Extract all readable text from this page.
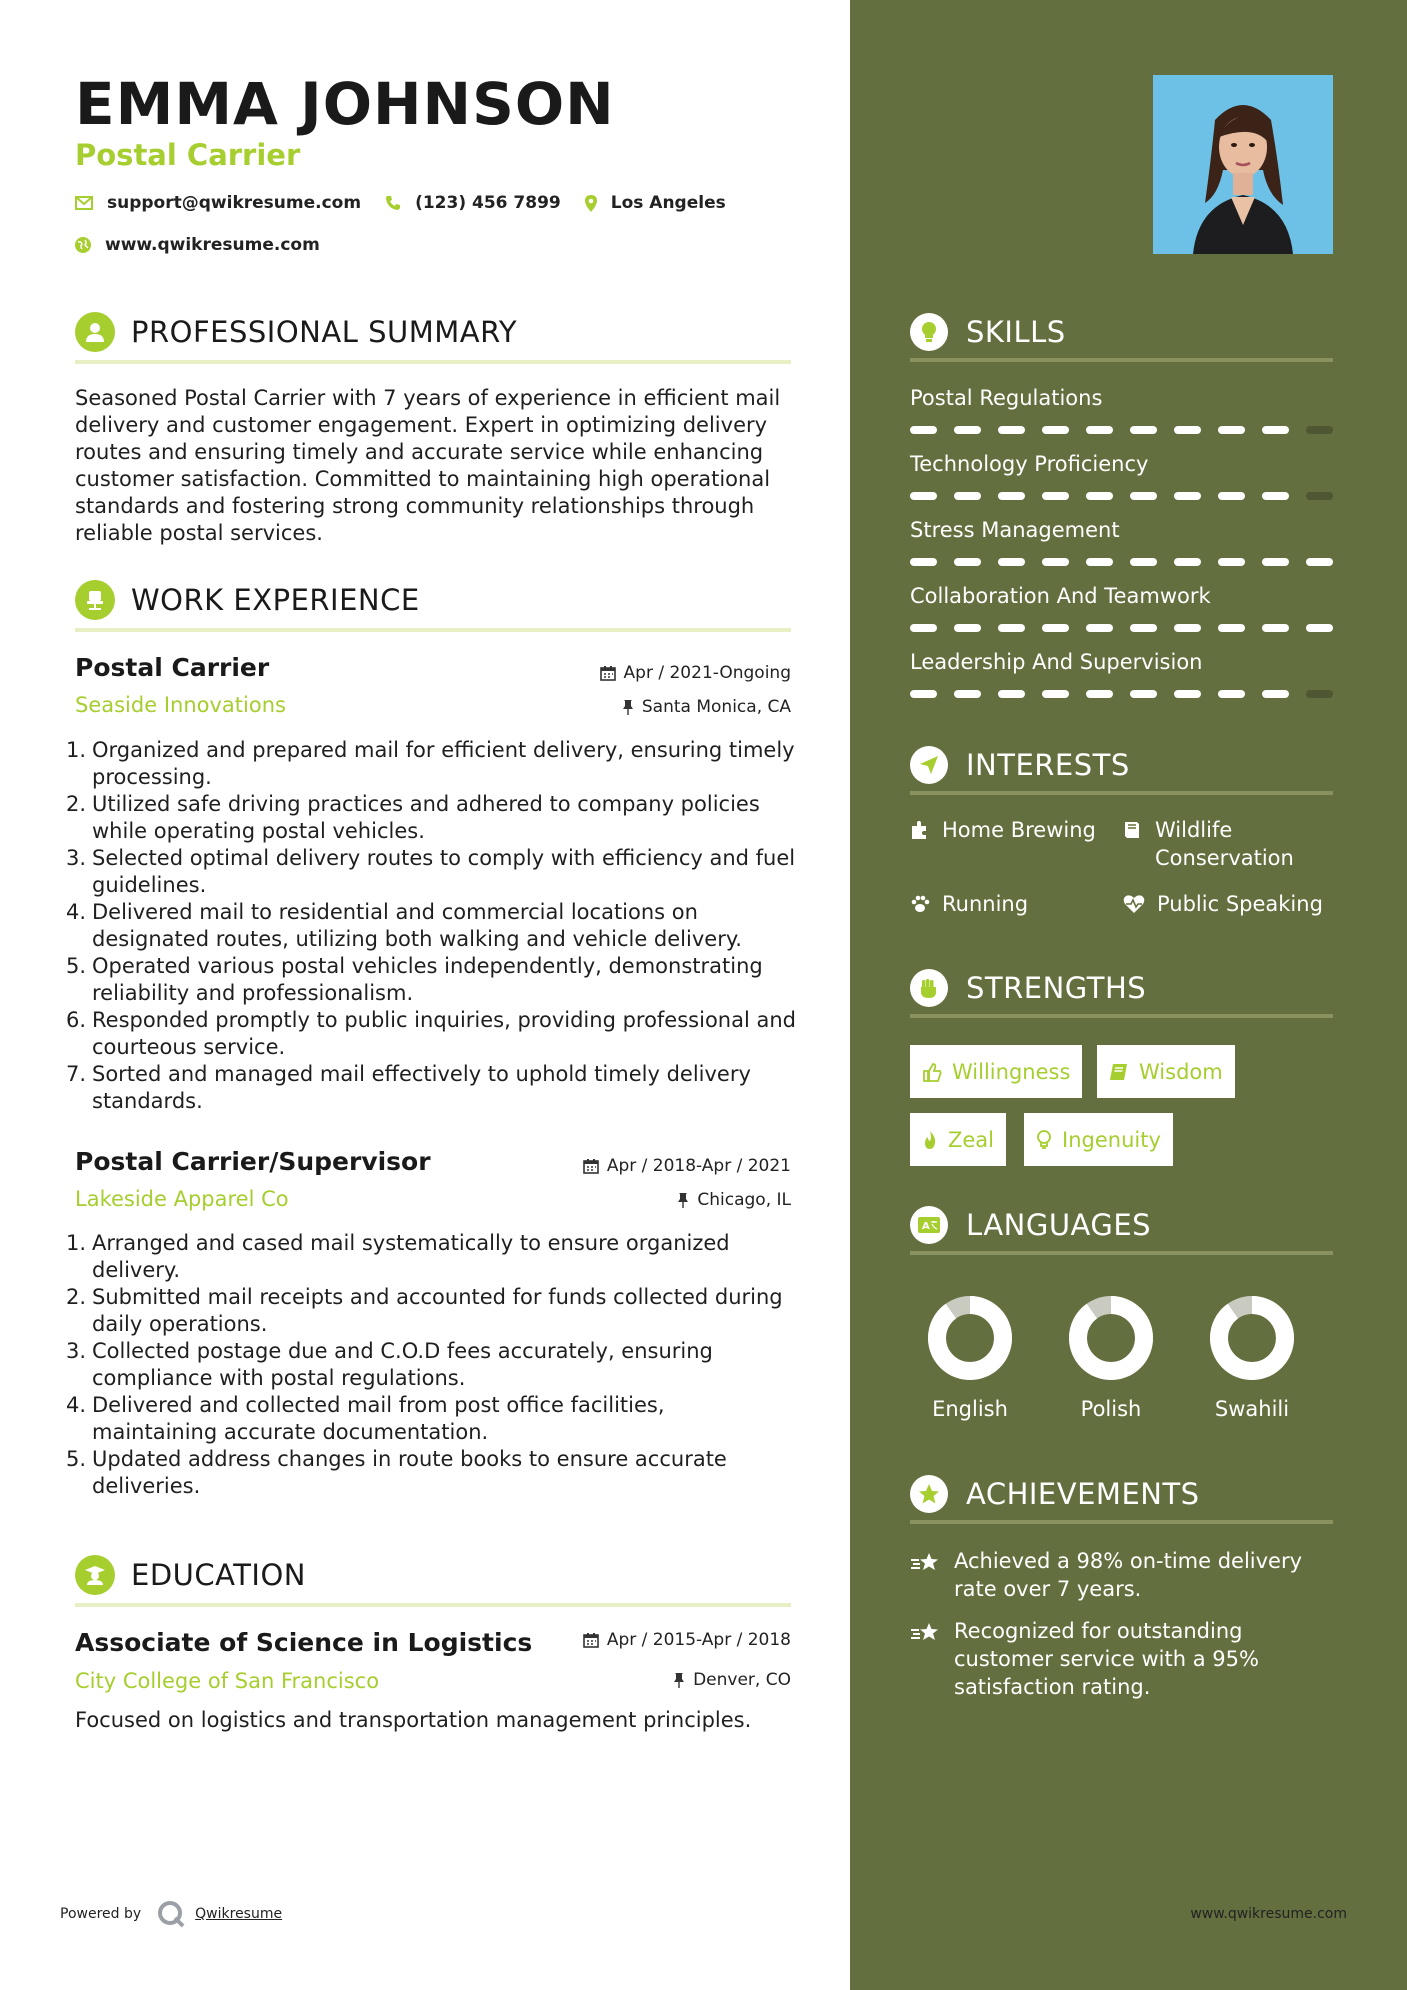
EMMA JOHNSON
Postal Carrier
support@qwikresume.com	(123) 456 7899	Los Angeles
www.qwikresume.com
PROFESSIONAL SUMMARY
Seasoned Postal Carrier with 7 years of experience in efficient mail delivery and customer engagement. Expert in optimizing delivery routes and ensuring timely and accurate service while enhancing customer satisfaction. Committed to maintaining high operational standards and fostering strong community relationships through reliable postal services.
WORK EXPERIENCE
Postal Carrier	Apr / 2021-Ongoing
Seaside Innovations	Santa Monica, CA
1. Organized and prepared mail for efficient delivery, ensuring timely processing.
2. Utilized safe driving practices and adhered to company policies while operating postal vehicles.
3. Selected optimal delivery routes to comply with efficiency and fuel guidelines.
4. Delivered mail to residential and commercial locations on designated routes, utilizing both walking and vehicle delivery.
5. Operated various postal vehicles independently, demonstrating reliability and professionalism.
6. Responded promptly to public inquiries, providing professional and courteous service.
7. Sorted and managed mail effectively to uphold timely delivery standards.
Postal Carrier/Supervisor	Apr / 2018-Apr / 2021
Lakeside Apparel Co	Chicago, IL
1. Arranged and cased mail systematically to ensure organized delivery.
2. Submitted mail receipts and accounted for funds collected during daily operations.
3. Collected postage due and C.O.D fees accurately, ensuring compliance with postal regulations.
4. Delivered and collected mail from post office facilities, maintaining accurate documentation.
5. Updated address changes in route books to ensure accurate deliveries.
EDUCATION
Associate of Science in Logistics	Apr / 2015-Apr / 2018
City College of San Francisco	Denver, CO
Focused on logistics and transportation management principles.
Powered by	Qwikresume	www.qwikresume.com
SKILLS
Postal Regulations
Technology Proficiency
Stress Management
Collaboration And Teamwork
Leadership And Supervision
INTERESTS
Home Brewing	Wildlife Conservation
Running	Public Speaking
STRENGTHS
Willingness	Wisdom
Zeal	Ingenuity
A LANGUAGES
English	Polish	Swahili
ACHIEVEMENTS
Achieved a 98% on-time delivery rate over 7 years.
Recognized for outstanding customer service with a 95% satisfaction rating.
